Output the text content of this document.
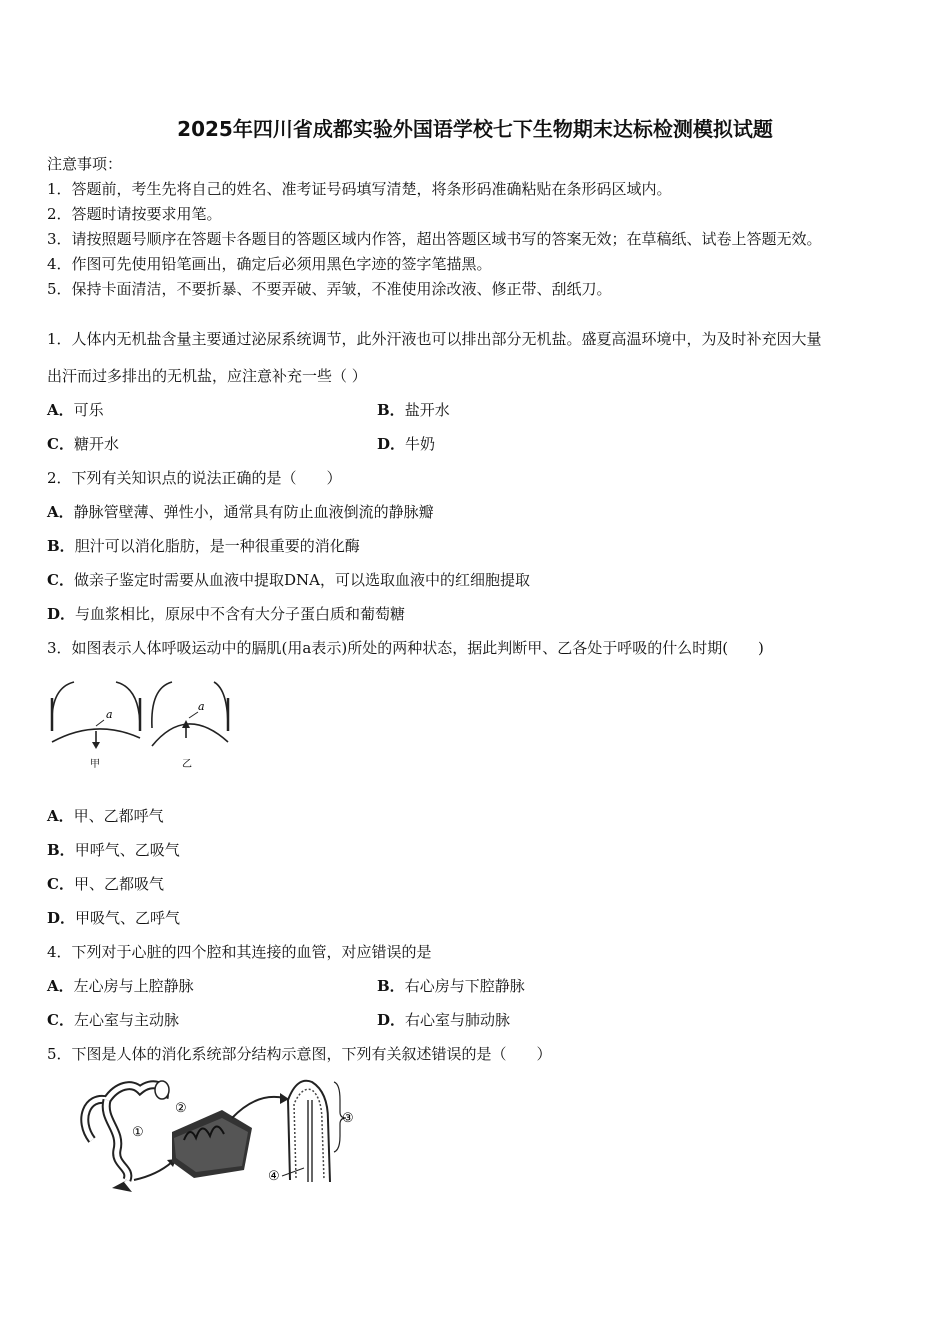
2025年四川省成都实验外国语学校七下生物期末达标检测模拟试题
注意事项：
1．答题前，考生先将自己的姓名、准考证号码填写清楚，将条形码准确粘贴在条形码区域内。
2．答题时请按要求用笔。
3．请按照题号顺序在答题卡各题目的答题区域内作答，超出答题区域书写的答案无效；在草稿纸、试卷上答题无效。
4．作图可先使用铅笔画出，确定后必须用黑色字迹的签字笔描黑。
5．保持卡面清洁，不要折暴、不要弄破、弄皱，不准使用涂改液、修正带、刮纸刀。
1．人体内无机盐含量主要通过泌尿系统调节，此外汗液也可以排出部分无机盐。盛夏高温环境中，为及时补充因大量
出汗而过多排出的无机盐，应注意补充一些（ ）
A．可乐	B．盐开水
C．糖开水	D．牛奶
2．下列有关知识点的说法正确的是（　　）
A．静脉管壁薄、弹性小，通常具有防止血液倒流的静脉瓣
B．胆汁可以消化脂肪，是一种很重要的消化酶
C．做亲子鉴定时需要从血液中提取DNA，可以选取血液中的红细胞提取
D．与血浆相比，原尿中不含有大分子蛋白质和葡萄糖
3．如图表示人体呼吸运动中的膈肌(用a表示)所处的两种状态，据此判断甲、乙各处于呼吸的什么时期(　　)
a
甲
a
乙
A．甲、乙都呼气
B．甲呼气、乙吸气
C．甲、乙都吸气
D．甲吸气、乙呼气
4．下列对于心脏的四个腔和其连接的血管，对应错误的是
A．左心房与上腔静脉	B．右心房与下腔静脉
C．左心室与主动脉	D．右心室与肺动脉
5．下图是人体的消化系统部分结构示意图，下列有关叙述错误的是（　　）
①
②
③
④
